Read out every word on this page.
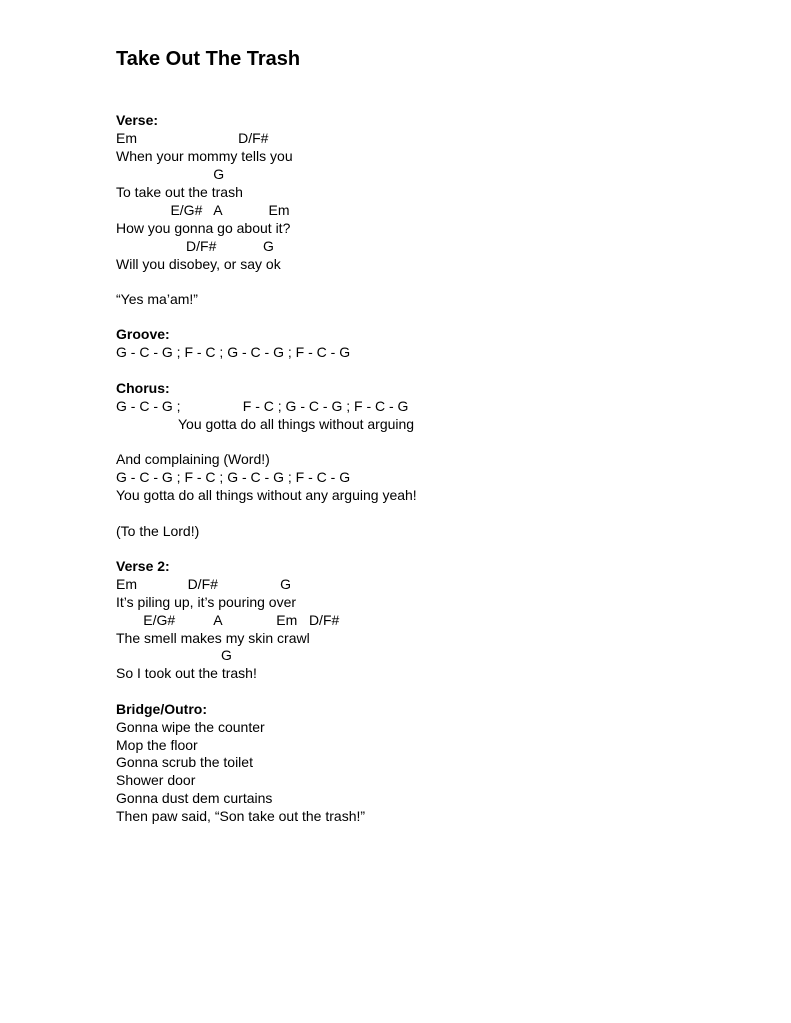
Take Out The Trash
Verse:
Em                          D/F#
When your mommy tells you
G
To take out the trash
E/G#   A            Em
How you gonna go about it?
D/F#            G
Will you disobey, or say ok
“Yes ma’am!”
Groove:
G - C - G ; F - C ; G - C - G ; F - C - G
Chorus:
G - C - G ;                F - C ; G - C - G ; F - C - G
You gotta do all things without arguing
And complaining (Word!)
G - C - G ; F - C ; G - C - G ; F - C - G
You gotta do all things without any arguing yeah!
(To the Lord!)
Verse 2:
Em             D/F#                G
It’s piling up, it’s pouring over
E/G#          A              Em   D/F#
The smell makes my skin crawl
G
So I took out the trash!
Bridge/Outro:
Gonna wipe the counter
Mop the floor
Gonna scrub the toilet
Shower door
Gonna dust dem curtains
Then paw said, “Son take out the trash!”
